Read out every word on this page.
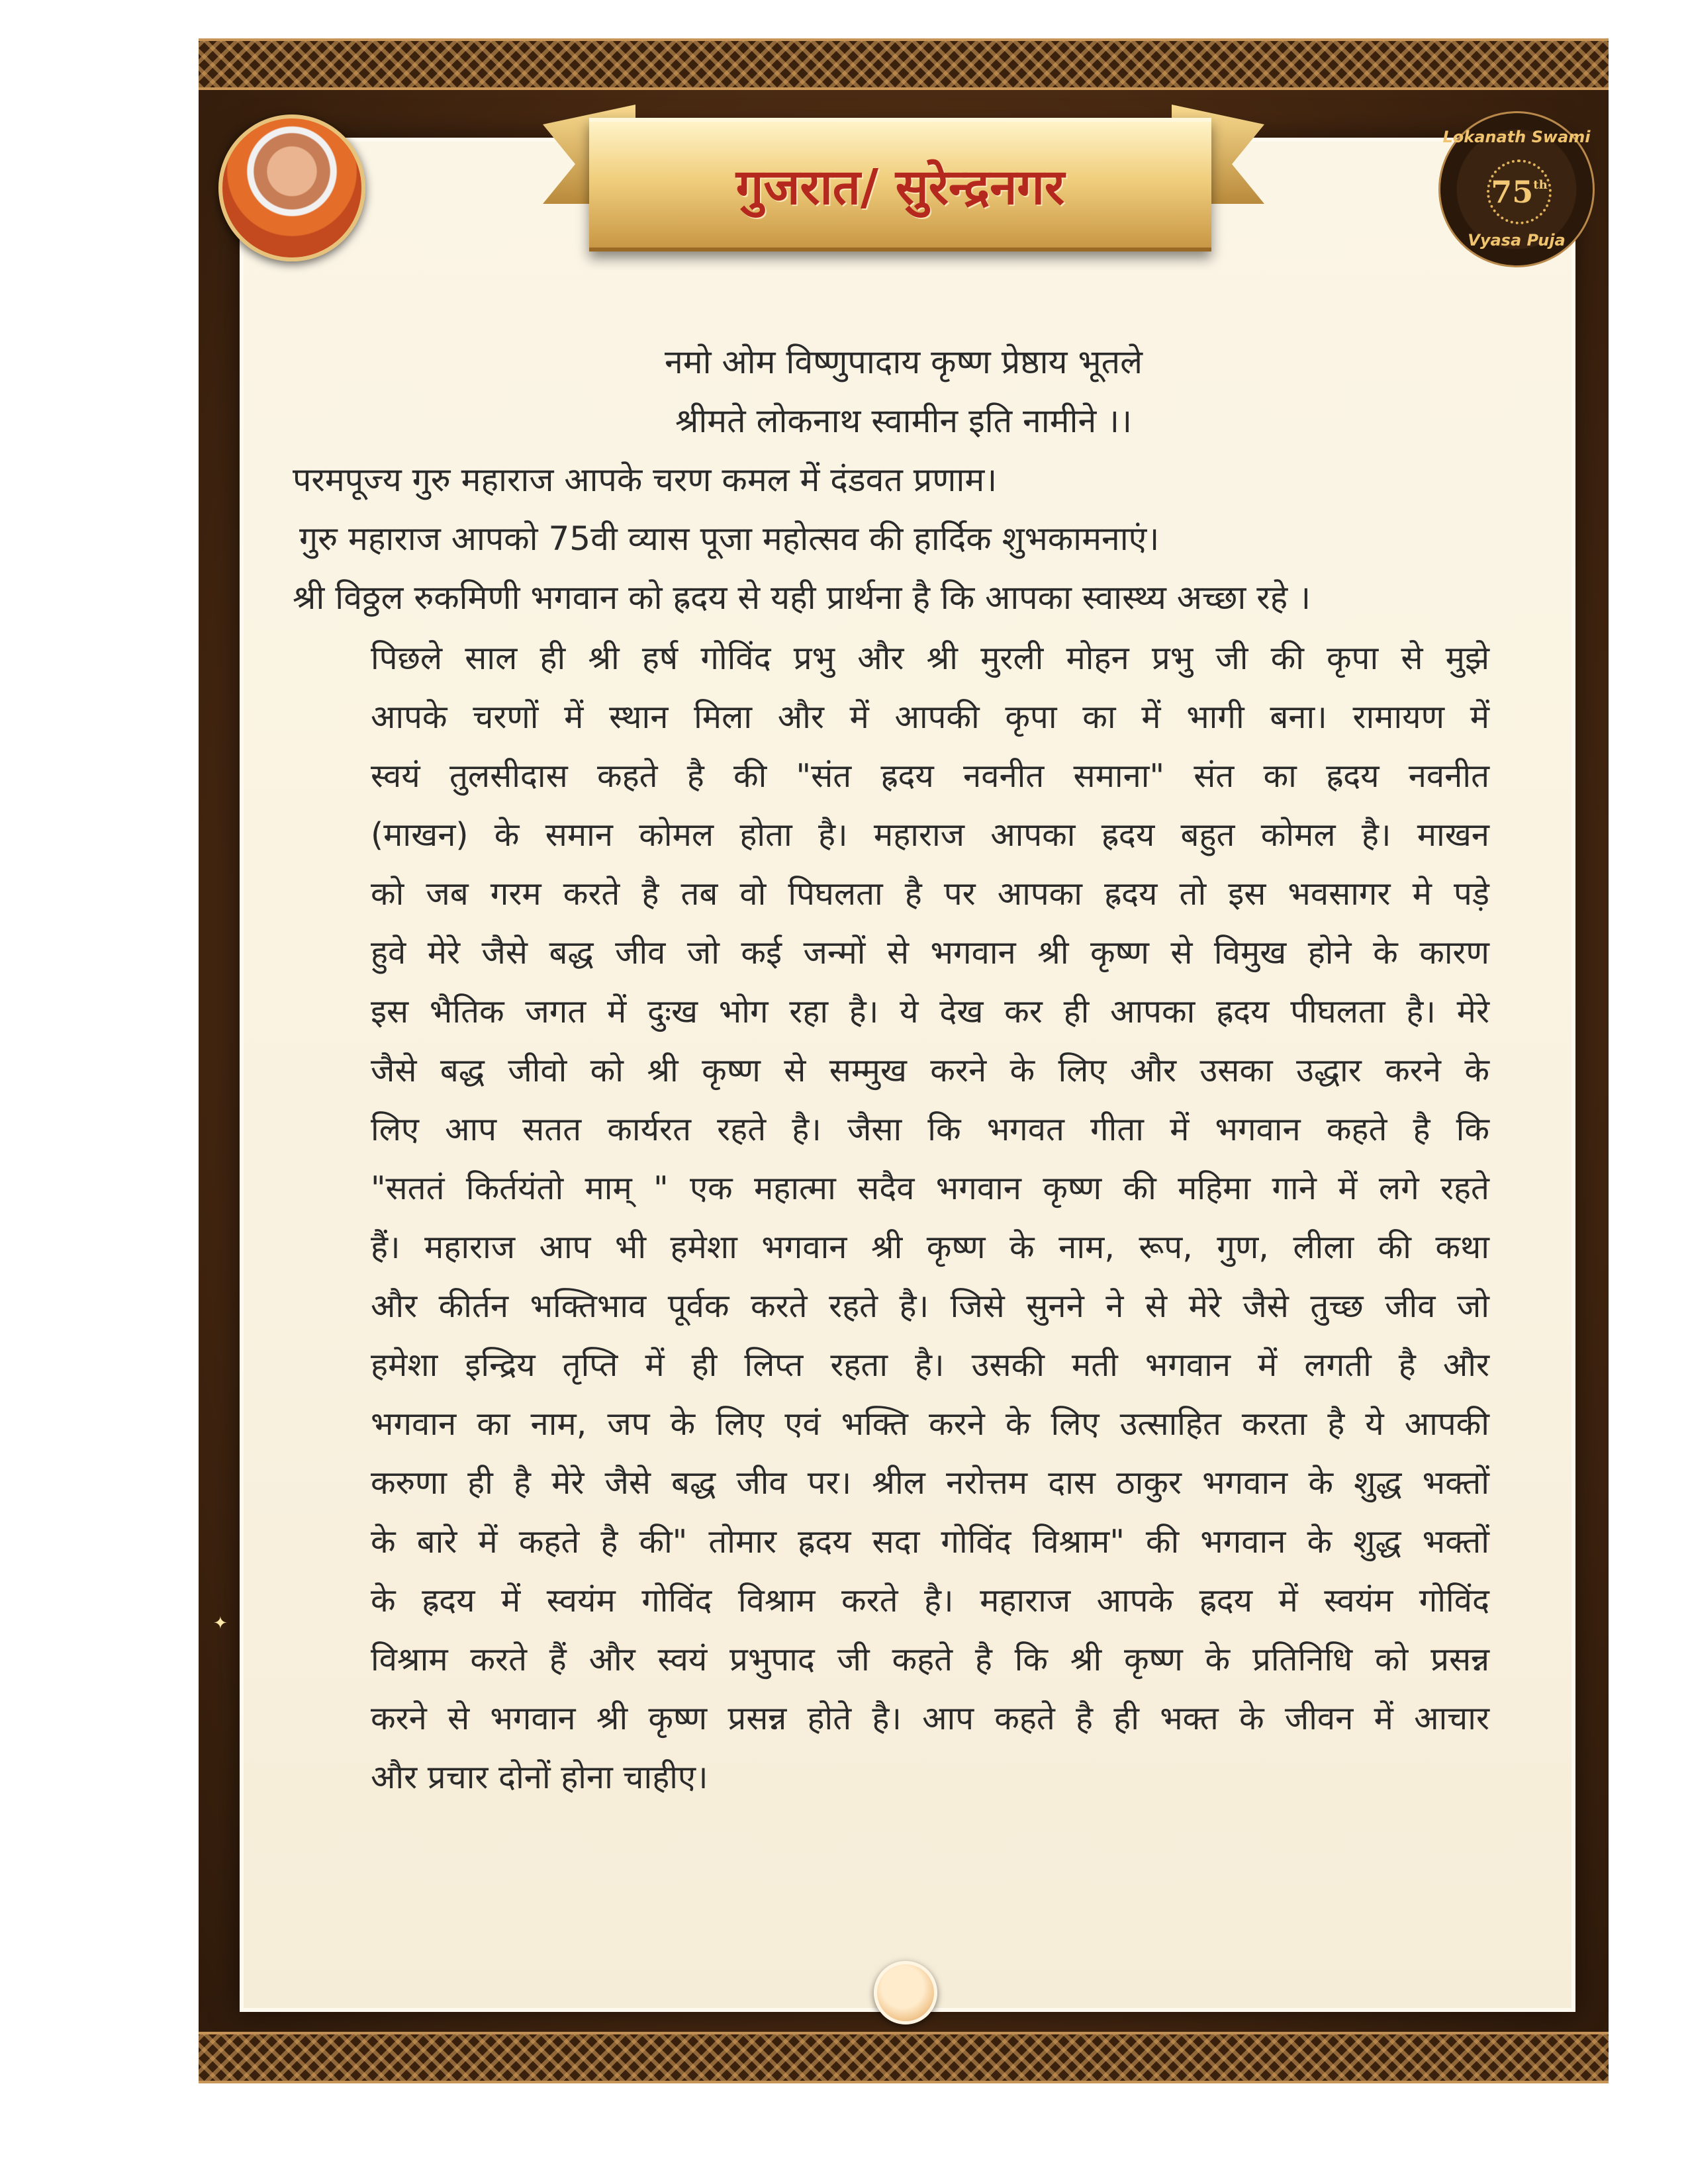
Lokanath Swami
75th
Vyasa Puja
गुजरात/ सुरेन्द्रनगर

नमो ओम विष्णुपादाय कृष्ण प्रेष्ठाय भूतले

श्रीमते लोकनाथ स्वामीन इति नामीने ।।

परमपूज्य गुरु महाराज आपके चरण कमल में दंडवत प्रणाम।

गुरु महाराज आपको 75वी व्यास पूजा महोत्सव की हार्दिक शुभकामनाएं।

श्री विठ्ठल रुकमिणी भगवान को ह्रदय से यही प्रार्थना है कि आपका स्वास्थ्य अच्छा रहे ।

✦

पिछले साल ही श्री हर्ष गोविंद प्रभु और श्री मुरली मोहन प्रभु जी की कृपा से मुझे

आपके चरणों में स्थान मिला और में आपकी कृपा का में भागी बना। रामायण में

स्वयं तुलसीदास कहते है की "संत ह्रदय नवनीत समाना" संत का ह्रदय नवनीत

(माखन) के समान कोमल होता है। महाराज आपका ह्रदय बहुत कोमल है। माखन

को जब गरम करते है तब वो पिघलता है पर आपका ह्रदय तो इस भवसागर मे पड़े

हुवे मेरे जैसे बद्ध जीव जो कई जन्मों से भगवान श्री कृष्ण से विमुख होने के कारण

इस भैतिक जगत में दुःख भोग रहा है। ये देख कर ही आपका ह्रदय पीघलता है। मेरे

जैसे बद्ध जीवो को श्री कृष्ण से सम्मुख करने के लिए और उसका उद्धार करने के

लिए आप सतत कार्यरत रहते है। जैसा कि भगवत गीता में भगवान कहते है कि

"सततं किर्तयंतो माम् " एक महात्मा सदैव भगवान कृष्ण की महिमा गाने में लगे रहते

हैं। महाराज आप भी हमेशा भगवान श्री कृष्ण के नाम, रूप, गुण, लीला की कथा

और कीर्तन भक्तिभाव पूर्वक करते रहते है। जिसे सुनने ने से मेरे जैसे तुच्छ जीव जो

हमेशा इन्द्रिय तृप्ति में ही लिप्त रहता है। उसकी मती भगवान में लगती है और

भगवान का नाम, जप के लिए एवं भक्ति करने के लिए उत्साहित करता है ये आपकी

करुणा ही है मेरे जैसे बद्ध जीव पर। श्रील नरोत्तम दास ठाकुर भगवान के शुद्ध भक्तों

के बारे में कहते है की" तोमार ह्रदय सदा गोविंद विश्राम" की भगवान के शुद्ध भक्तों

के ह्रदय में स्वयंम गोविंद विश्राम करते है। महाराज आपके ह्रदय में स्वयंम गोविंद

विश्राम करते हैं और स्वयं प्रभुपाद जी कहते है कि श्री कृष्ण के प्रतिनिधि को प्रसन्न

करने से भगवान श्री कृष्ण प्रसन्न होते है। आप कहते है ही भक्त के जीवन में आचार

और प्रचार दोनों होना चाहीए।
